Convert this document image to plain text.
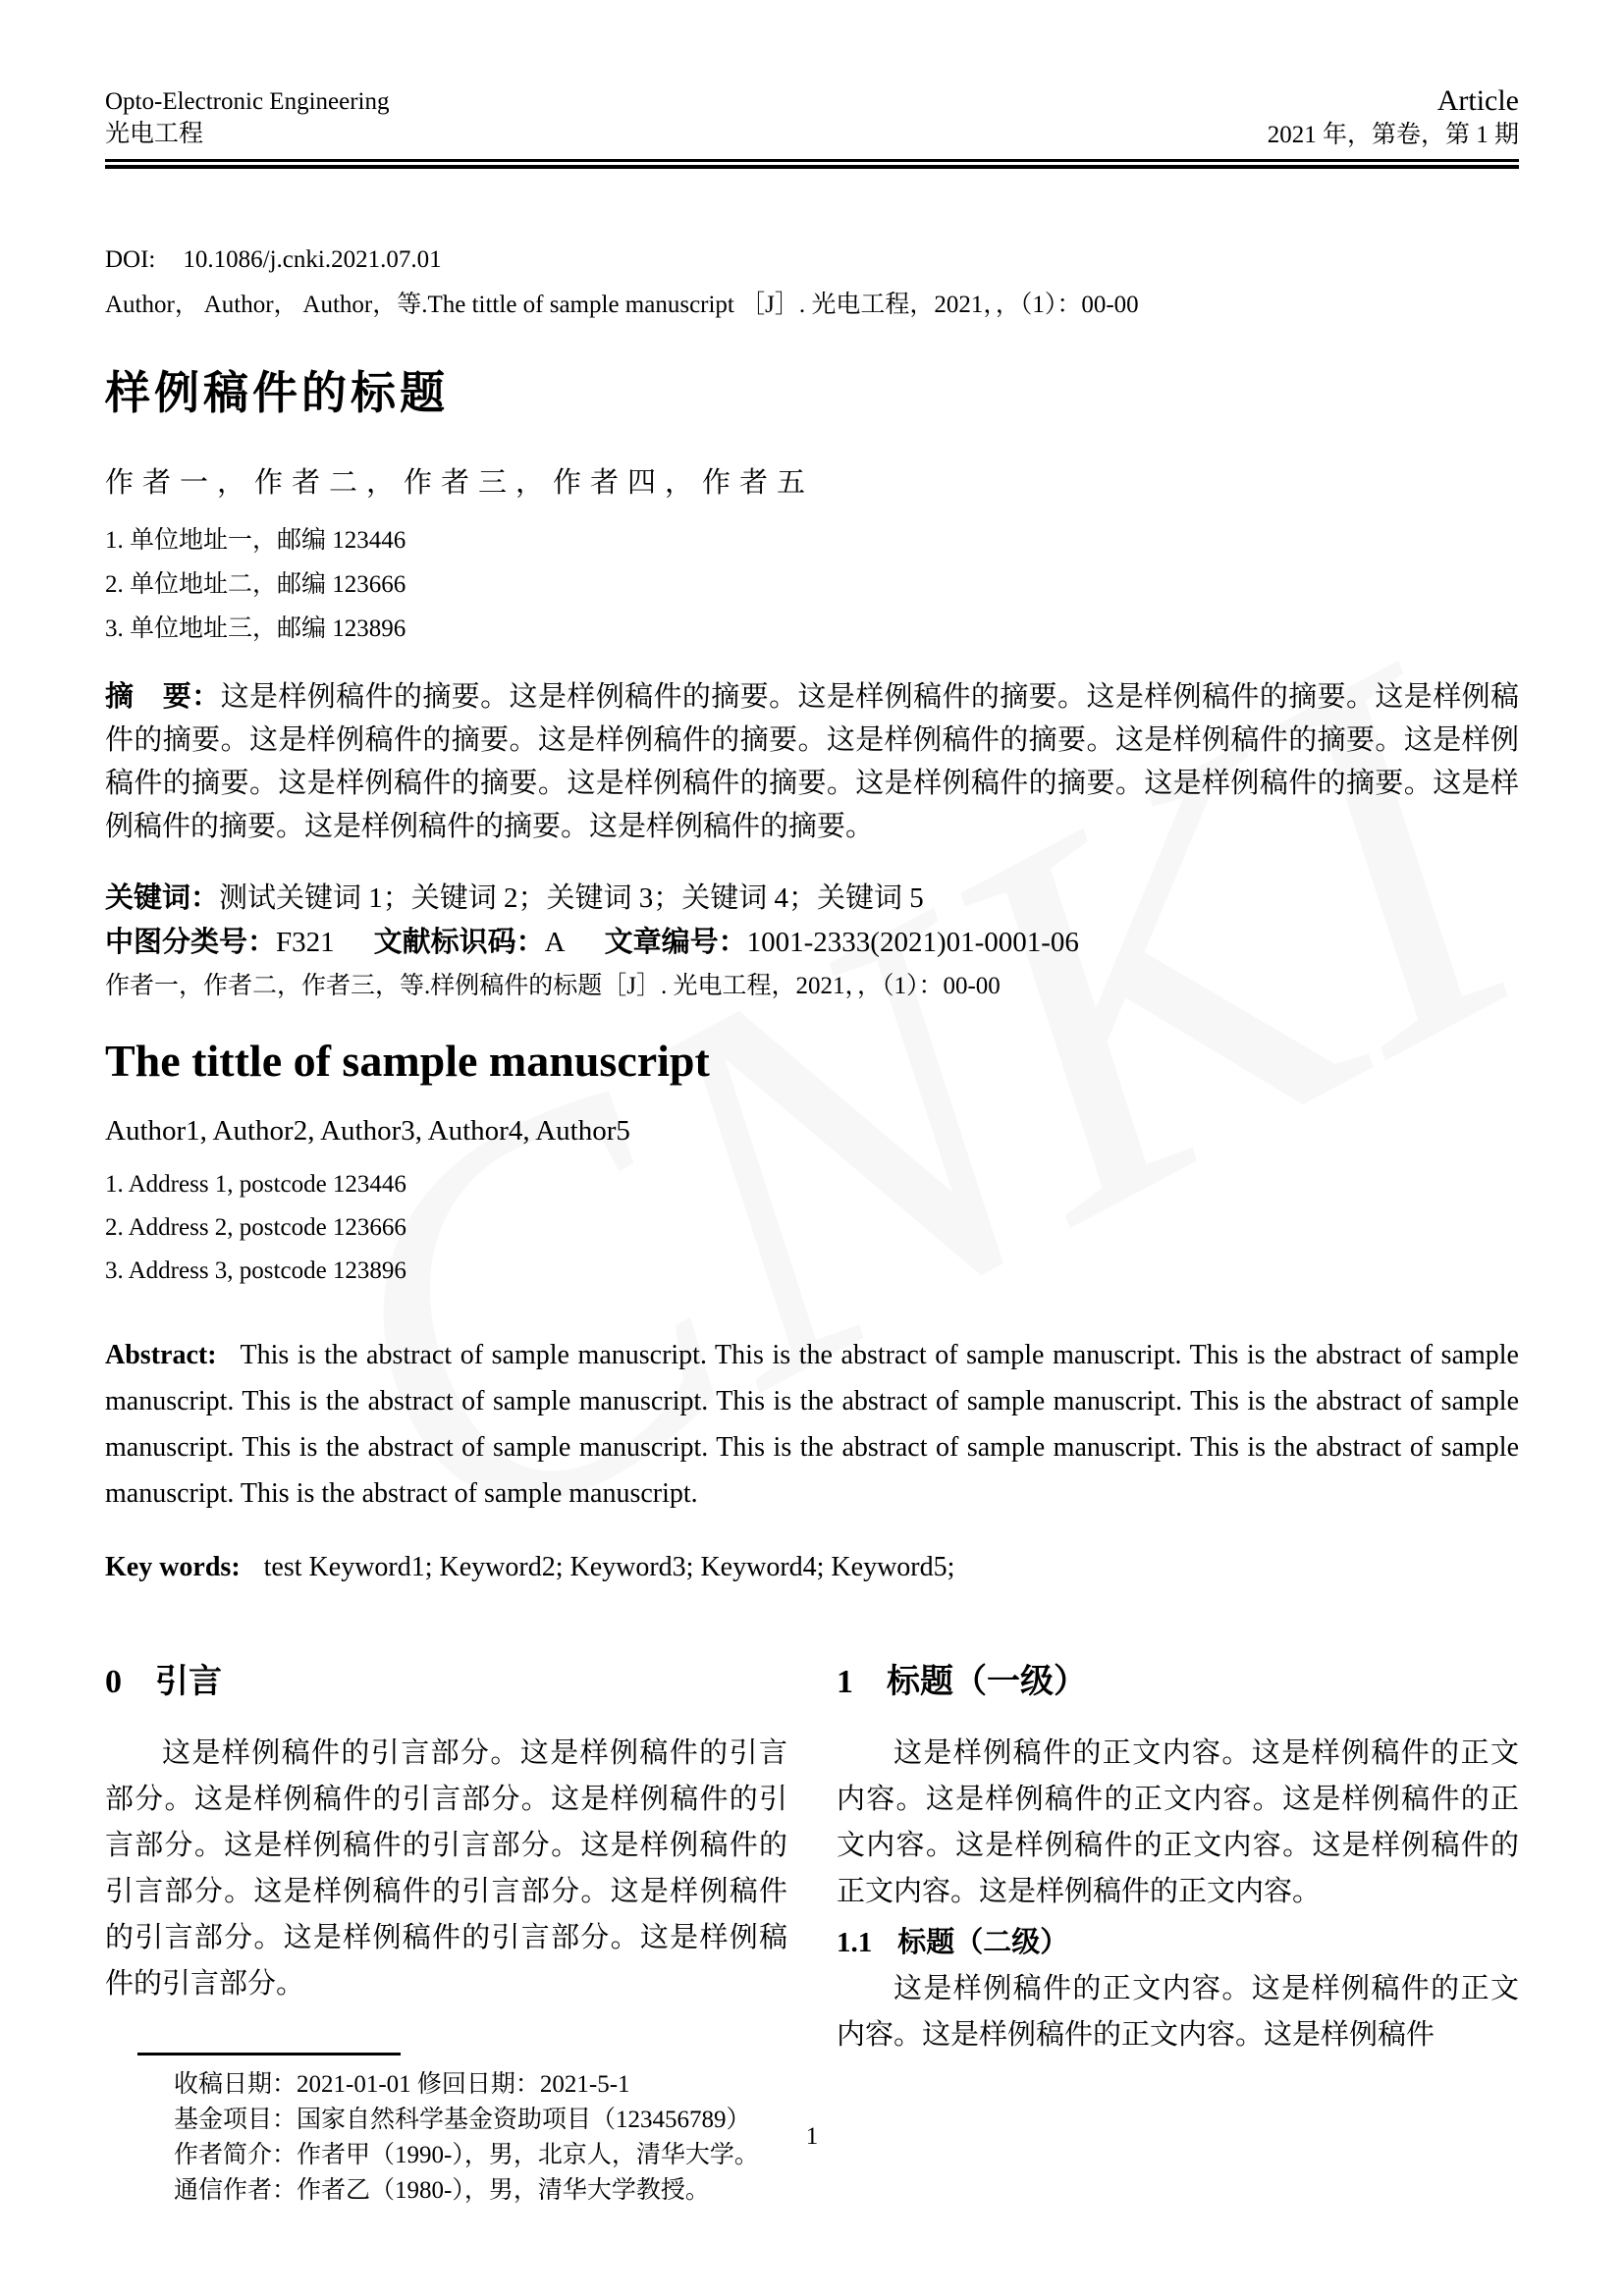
Opto-Electronic Engineering
光电工程
Article
2021 年，第卷，第 1 期
DOI: 10.1086/j.cnki.2021.07.01
Author， Author， Author，等.The tittle of sample manuscript ［J］. 光电工程，2021，，（1）：00-00
样例稿件的标题
作者一，作者二，作者三，作者四，作者五
1. 单位地址一，邮编 123446
2. 单位地址二，邮编 123666
3. 单位地址三，邮编 123896

摘　要：这是样例稿件的摘要。这是样例稿件的摘要。这是样例稿件的摘要。这是样例稿件的摘要。这是样例稿件的摘要。这是样例稿件的摘要。这是样例稿件的摘要。这是样例稿件的摘要。这是样例稿件的摘要。这是样例稿件的摘要。这是样例稿件的摘要。这是样例稿件的摘要。这是样例稿件的摘要。这是样例稿件的摘要。这是样例稿件的摘要。这是样例稿件的摘要。这是样例稿件的摘要。

关键词：测试关键词 1；关键词 2；关键词 3；关键词 4；关键词 5
中图分类号：F321 文献标识码：A 文章编号：1001-2333(2021)01-0001-06
作者一，作者二，作者三，等.样例稿件的标题［J］. 光电工程，2021，，（1）：00-00
The tittle of sample manuscript
Author1, Author2, Author3, Author4, Author5
1. Address 1, postcode 123446
2. Address 2, postcode 123666
3. Address 3, postcode 123896

Abstract: This is the abstract of sample manuscript. This is the abstract of sample manuscript. This is the abstract of sample manuscript. This is the abstract of sample manuscript. This is the abstract of sample manuscript. This is the abstract of sample manuscript. This is the abstract of sample manuscript. This is the abstract of sample manuscript. This is the abstract of sample manuscript. This is the abstract of sample manuscript.

Key words: test Keyword1; Keyword2; Keyword3; Keyword4; Keyword5;
0 引言

这是样例稿件的引言部分。这是样例稿件的引言部分。这是样例稿件的引言部分。这是样例稿件的引言部分。这是样例稿件的引言部分。这是样例稿件的引言部分。这是样例稿件的引言部分。这是样例稿件的引言部分。这是样例稿件的引言部分。这是样例稿件的引言部分。

收稿日期：2021-01-01 修回日期：2021-5-1
基金项目：国家自然科学基金资助项目（123456789）
作者简介：作者甲（1990-），男，北京人，清华大学。
通信作者：作者乙（1980-），男，清华大学教授。
1 标题（一级）

这是样例稿件的正文内容。这是样例稿件的正文内容。这是样例稿件的正文内容。这是样例稿件的正文内容。这是样例稿件的正文内容。这是样例稿件的正文内容。这是样例稿件的正文内容。

1.1 标题（二级）

这是样例稿件的正文内容。这是样例稿件的正文内容。这是样例稿件的正文内容。这是样例稿件

1
